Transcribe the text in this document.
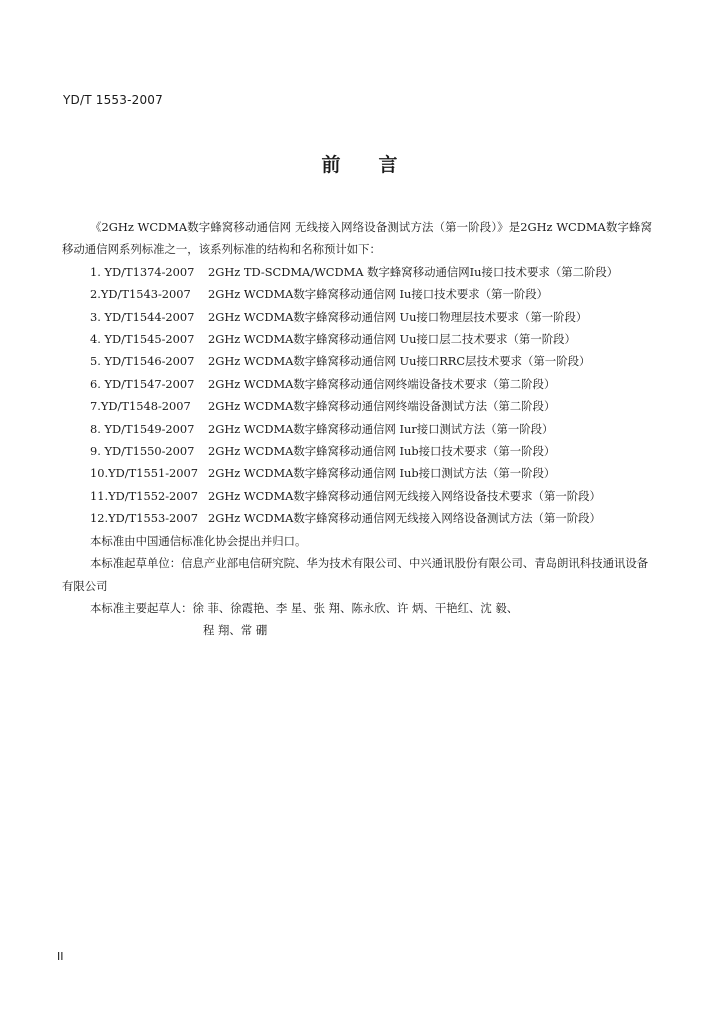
YD/T 1553-2007
前言

《2GHz WCDMA数字蜂窝移动通信网 无线接入网络设备测试方法（第一阶段）》是2GHz WCDMA数字蜂窝移动通信网系列标准之一，该系列标准的结构和名称预计如下：

1. YD/T1374-2007 2GHz TD-SCDMA/WCDMA 数字蜂窝移动通信网Iu接口技术要求（第二阶段）

2.YD/T1543-2007 2GHz WCDMA数字蜂窝移动通信网 Iu接口技术要求（第一阶段）

3. YD/T1544-2007 2GHz WCDMA数字蜂窝移动通信网 Uu接口物理层技术要求（第一阶段）

4. YD/T1545-2007 2GHz WCDMA数字蜂窝移动通信网 Uu接口层二技术要求（第一阶段）

5. YD/T1546-2007 2GHz WCDMA数字蜂窝移动通信网 Uu接口RRC层技术要求（第一阶段）

6. YD/T1547-2007 2GHz WCDMA数字蜂窝移动通信网终端设备技术要求（第二阶段）

7.YD/T1548-2007 2GHz WCDMA数字蜂窝移动通信网终端设备测试方法（第二阶段）

8. YD/T1549-2007 2GHz WCDMA数字蜂窝移动通信网 Iur接口测试方法（第一阶段）

9. YD/T1550-2007 2GHz WCDMA数字蜂窝移动通信网 Iub接口技术要求（第一阶段）

10.YD/T1551-2007 2GHz WCDMA数字蜂窝移动通信网 Iub接口测试方法（第一阶段）

11.YD/T1552-2007 2GHz WCDMA数字蜂窝移动通信网无线接入网络设备技术要求（第一阶段）

12.YD/T1553-2007 2GHz WCDMA数字蜂窝移动通信网无线接入网络设备测试方法（第一阶段）

本标准由中国通信标准化协会提出并归口。

本标准起草单位：信息产业部电信研究院、华为技术有限公司、中兴通讯股份有限公司、青岛朗讯科技通讯设备有限公司

本标准主要起草人：徐 菲、徐霞艳、李 星、张 翔、陈永欣、许 炳、干艳红、沈 毅、

程 翔、常 硼

II
